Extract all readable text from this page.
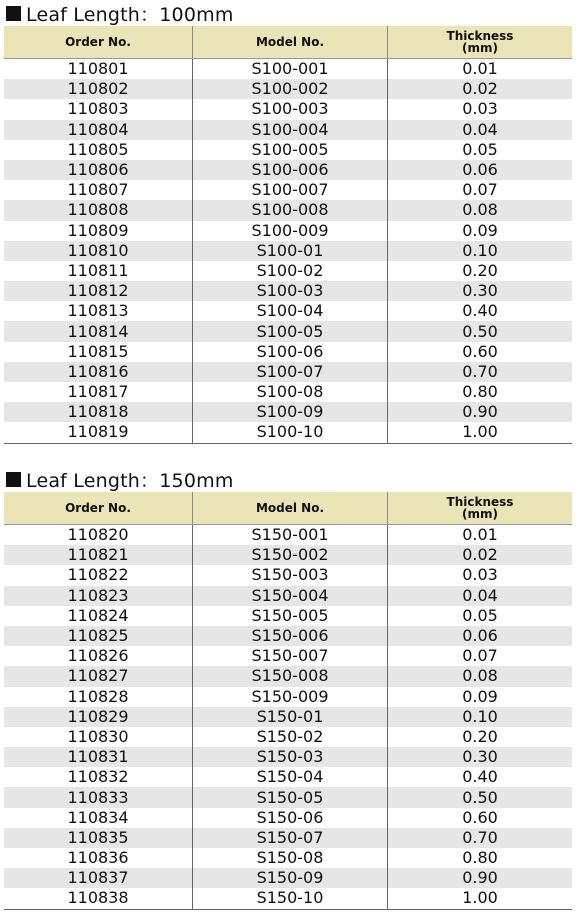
Leaf Length：100mm
Order No.	Model No.	Thickness
(mm)
110801	S100-001	0.01
110802	S100-002	0.02
110803	S100-003	0.03
110804	S100-004	0.04
110805	S100-005	0.05
110806	S100-006	0.06
110807	S100-007	0.07
110808	S100-008	0.08
110809	S100-009	0.09
110810	S100-01	0.10
110811	S100-02	0.20
110812	S100-03	0.30
110813	S100-04	0.40
110814	S100-05	0.50
110815	S100-06	0.60
110816	S100-07	0.70
110817	S100-08	0.80
110818	S100-09	0.90
110819	S100-10	1.00
Leaf Length：150mm
Order No.	Model No.	Thickness
(mm)
110820	S150-001	0.01
110821	S150-002	0.02
110822	S150-003	0.03
110823	S150-004	0.04
110824	S150-005	0.05
110825	S150-006	0.06
110826	S150-007	0.07
110827	S150-008	0.08
110828	S150-009	0.09
110829	S150-01	0.10
110830	S150-02	0.20
110831	S150-03	0.30
110832	S150-04	0.40
110833	S150-05	0.50
110834	S150-06	0.60
110835	S150-07	0.70
110836	S150-08	0.80
110837	S150-09	0.90
110838	S150-10	1.00
